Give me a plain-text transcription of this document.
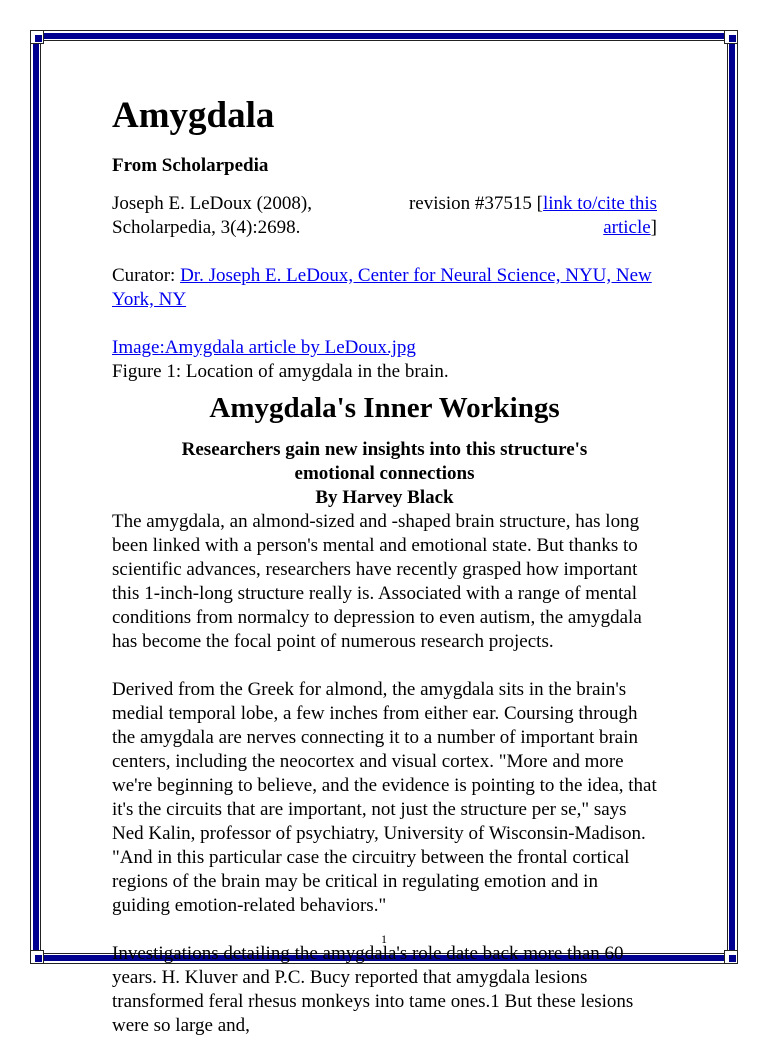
Amygdala
From Scholarpedia
Joseph E. LeDoux (2008), Scholarpedia, 3(4):2698.
revision #37515 [link to/cite this article]

Curator: Dr. Joseph E. LeDoux, Center for Neural Science, NYU, New York, NY

Image:Amygdala article by LeDoux.jpg
Figure 1: Location of amygdala in the brain.
Amygdala's Inner Workings
Researchers gain new insights into this structure's emotional connections
By Harvey Black

The amygdala, an almond-sized and -shaped brain structure, has long been linked with a person's mental and emotional state. But thanks to scientific advances, researchers have recently grasped how important this 1-inch-long structure really is. Associated with a range of mental conditions from normalcy to depression to even autism, the amygdala has become the focal point of numerous research projects.

Derived from the Greek for almond, the amygdala sits in the brain's medial temporal lobe, a few inches from either ear. Coursing through the amygdala are nerves connecting it to a number of important brain centers, including the neocortex and visual cortex. "More and more we're beginning to believe, and the evidence is pointing to the idea, that it's the circuits that are important, not just the structure per se," says Ned Kalin, professor of psychiatry, University of Wisconsin-Madison. "And in this particular case the circuitry between the frontal cortical regions of the brain may be critical in regulating emotion and in guiding emotion-related behaviors."

Investigations detailing the amygdala's role date back more than 60 years. H. Kluver and P.C. Bucy reported that amygdala lesions transformed feral rhesus monkeys into tame ones.1 But these lesions were so large and,

1
